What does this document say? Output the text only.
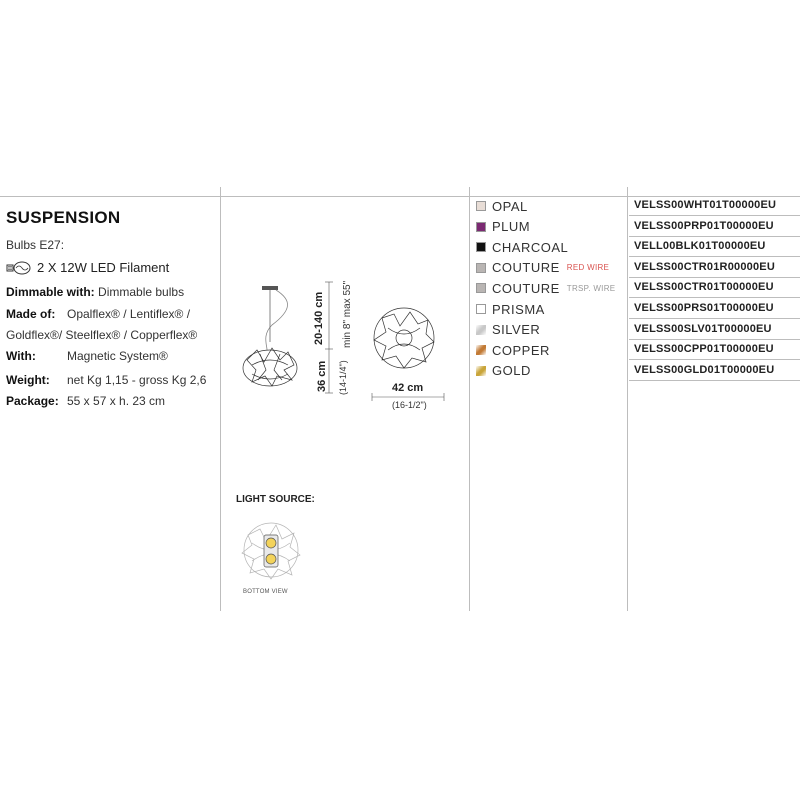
SUSPENSION
Bulbs E27:
2 X 12W LED Filament
Dimmable with: Dimmable bulbs
Made of: Opalflex® / Lentiflex® /
Goldflex®/ Steelflex® / Copperflex®
With:	Magnetic System®
Weight: net Kg 1,15 - gross Kg 2,6
Package: 55 x 57 x h. 23 cm
20-140 cm min 8" max 55"
36 cm (14-1/4")	42 cm
(16-1/2")
LIGHT SOURCE:
BOTTOM VIEW
OPAL	VELSS00WHT01T00000EU
PLUM	VELSS00PRP01T00000EU
CHARCOAL	VELL00BLK01T00000EU
COUTURE RED WIRE VELSS00CTR01R00000EU
COUTURE TRSP. WIRE VELSS00CTR01T00000EU
PRISMA	VELSS00PRS01T00000EU
SILVER	VELSS00SLV01T00000EU
COPPER	VELSS00CPP01T00000EU
GOLD	VELSS00GLD01T00000EU
